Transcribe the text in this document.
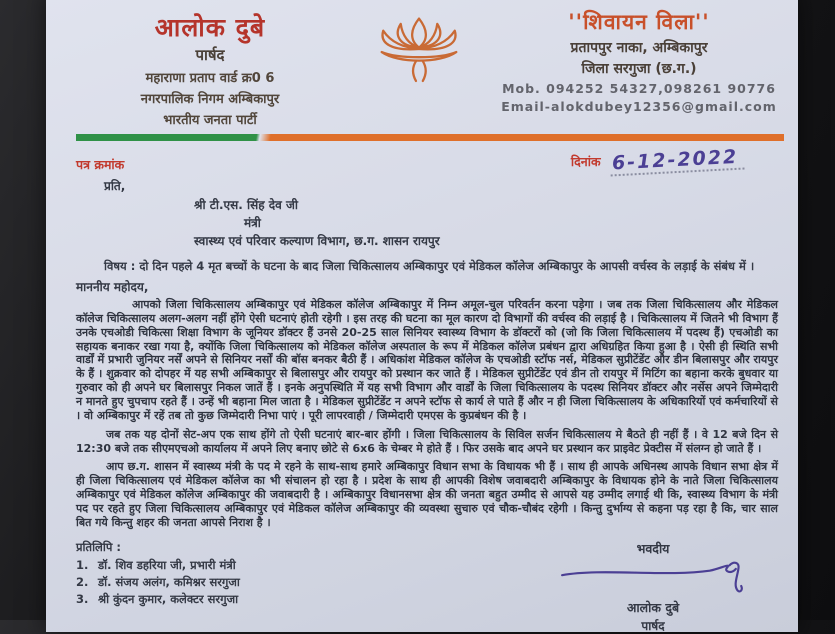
आलोक दुबे
पार्षद
महाराणा प्रताप वार्ड क्र0 6
नगरपालिक निगम अम्बिकापुर
भारतीय जनता पार्टी
''शिवायन विला''
प्रतापपुर नाका, अम्बिकापुर
जिला सरगुजा (छ.ग.)
Mob. 094252 54327,098261 90776
Email-alokdubey12356@gmail.com
पत्र क्रमांक	दिनांक 6-12-2022
प्रति,
श्री टी.एस. सिंह देव जी
मंत्री
स्वास्थ्य एवं परिवार कल्याण विभाग, छ.ग. शासन रायपुर
विषय : दो दिन पहले 4 मृत बच्चों के घटना के बाद जिला चिकित्सालय अम्बिकापुर एवं मेडिकल कॉलेज अम्बिकापुर के आपसी वर्चस्व के लड़ाई के संबंध में ।
माननीय महोदय,

आपको जिला चिकित्सालय अम्बिकापुर एवं मेडिकल कॉलेज अम्बिकापुर में निम्न अमूल-चुल परिवर्तन करना पड़ेगा । जब तक जिला चिकित्सालय और मेडिकल कॉलेज चिकित्सालय अलग-अलग नहीं होंगे ऐसी घटनाएं होती रहेगी । इस तरह की घटना का मूल कारण दो विभागों की वर्चस्व की लड़ाई है । चिकित्सालय में जितने भी विभाग हैं उनके एचओडी चिकित्सा शिक्षा विभाग के जूनियर डॉक्टर हैं उनसे 20-25 साल सिनियर स्वास्थ्य विभाग के डॉक्टरों को (जो कि जिला चिकित्सालय में पदस्थ हैं) एचओडी का सहायक बनाकर रखा गया है, क्योंकि जिला चिकित्सालय को मेडिकल कॉलेज अस्पताल के रूप में मेडिकल कॉलेज प्रबंधन द्वारा अधिग्रहित किया हुआ है । ऐसी ही स्थिति सभी वार्डों में प्रभारी जुनियर नर्सें अपने से सिनियर नर्सों की बॉस बनकर बैठी हैं । अधिकांश मेडिकल कॉलेज के एचओडी स्टॉफ नर्स, मेडिकल सुप्रीटेंडेंट और डीन बिलासपुर और रायपुर के हैं । शुक्रवार को दोपहर में यह सभी अम्बिकापुर से बिलासपुर और रायपुर को प्रस्थान कर जाते हैं । मेडिकल सुप्रीटेंडेंट एवं डीन तो रायपुर में मिटिंग का बहाना करके बुधवार या गुरुवार को ही अपने घर बिलासपुर निकल जातें हैं । इनके अनुपस्थिति में यह सभी विभाग और वार्डों के जिला चिकित्सालय के पदस्थ सिनियर डॉक्टर और नर्सेस अपने जिम्मेदारी न मानते हुए चुपचाप रहते हैं । उन्हें भी बहाना मिल जाता है । मेडिकल सुप्रीटेंडेंट न अपने स्टॉफ से कार्य ले पाते हैं और न ही जिला चिकित्सालय के अधिकारियों एवं कर्मचारियों से । वो अम्बिकापुर में रहें तब तो कुछ जिम्मेदारी निभा पाएं । पूरी लापरवाही / जिम्मेदारी एमएस के कुप्रबंधन की है ।

जब तक यह दोनों सेट-अप एक साथ होंगे तो ऐसी घटनाएं बार-बार होंगी । जिला चिकित्सालय के सिविल सर्जन चिकित्सालय मे बैठते ही नहीं हैं । वे 12 बजे दिन से 12:30 बजे तक सीएमएचओ कार्यालय में अपने लिए बनाए छोटे से 6x6 के चेम्बर मे होते हैं । फिर उसके बाद अपने घर प्रस्थान कर प्राइवेट प्रेक्टीस में संलग्न हो जाते हैं ।

आप छ.ग. शासन में स्वास्थ्य मंत्री के पद मे रहने के साथ-साथ हमारे अम्बिकापुर विधान सभा के विधायक भी हैं । साथ ही आपके अधिनस्थ आपके विधान सभा क्षेत्र में ही जिला चिकित्सालय एवं मेडिकल कॉलेज का भी संचालन हो रहा है । प्रदेश के साथ ही आपकी विशेष जवाबदारी अम्बिकापुर के विधायक होने के नाते जिला चिकित्सालय अम्बिकापुर एवं मेडिकल कॉलेज अम्बिकापुर की जवाबदारी है । अम्बिकापुर विधानसभा क्षेत्र की जनता बहुत उम्मीद से आपसे यह उम्मीद लगाई थी कि, स्वास्थ्य विभाग के मंत्री पद पर रहते हुए जिला चिकित्सालय अम्बिकापुर एवं मेडिकल कॉलेज अम्बिकापुर की व्यवस्था सुचारु एवं चौक-चौबंद रहेगी । किन्तु दुर्भाग्य से कहना पड़ रहा है कि, चार साल बित गये किन्तु शहर की जनता आपसे निराश है ।

प्रतिलिपि :
1. डॉ. शिव डहरिया जी, प्रभारी मंत्री
2. डॉ. संजय अलंग, कमिश्नर सरगुजा
3. श्री कुंदन कुमार, कलेक्टर सरगुजा
भवदीय
आलोक दुबे
पार्षद
